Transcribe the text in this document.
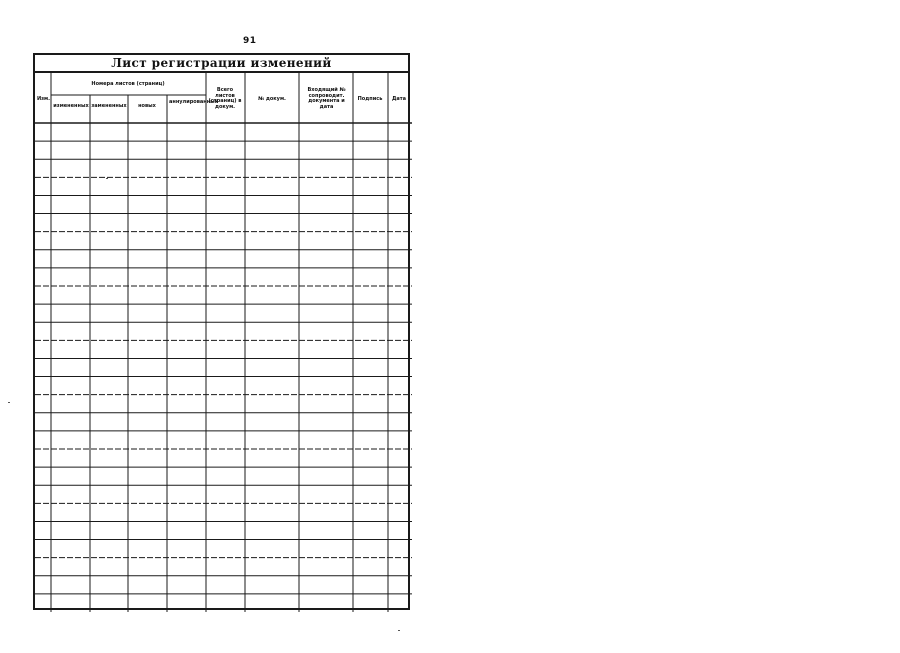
91
Лист регистрации изменений
Изм.
Номера листов (страниц)
измененных замененных	новых
аннулированных
Всего листов (страниц) в докум.
№ докум.
Входящий № сопроводит. документа и дата
Подпись	Дата
